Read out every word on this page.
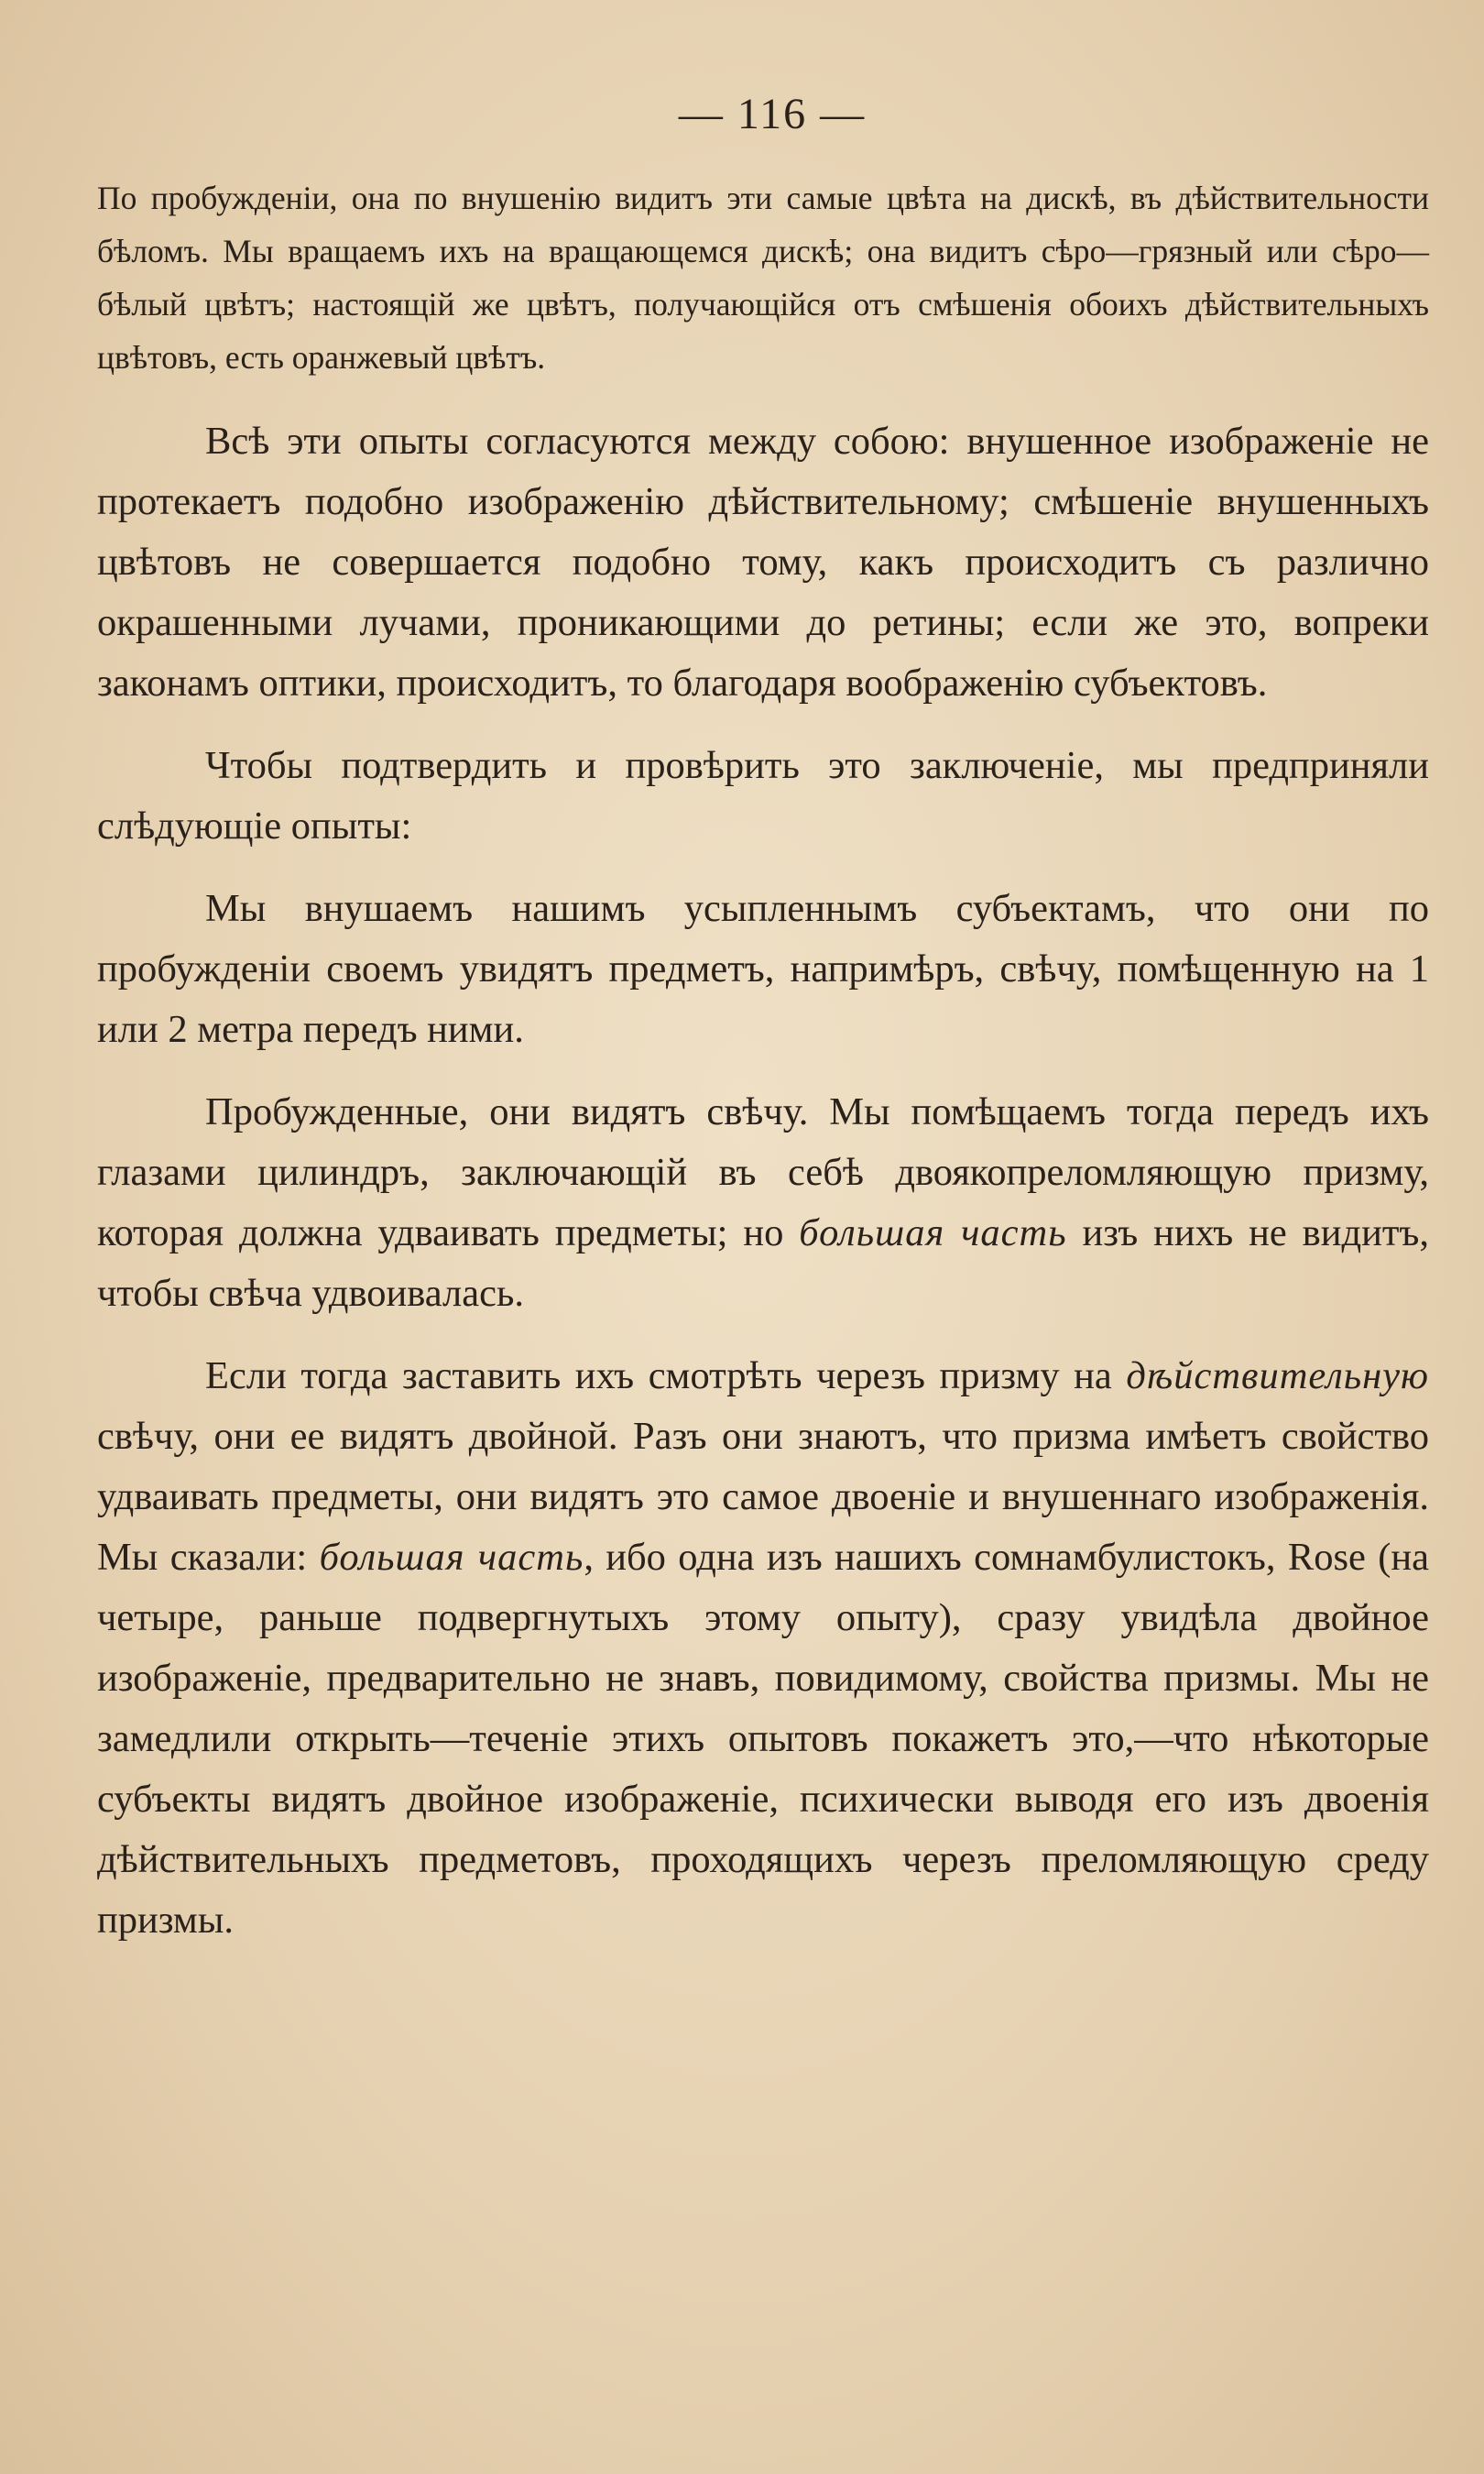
— 116 —

По пробужденіи, она по внушенію видитъ эти самые цвѣта на дискѣ, въ дѣйствительности бѣломъ. Мы вращаемъ ихъ на вращающемся дискѣ; она видитъ сѣро—грязный или сѣро—бѣлый цвѣтъ; настоящій же цвѣтъ, получающійся отъ смѣшенія обоихъ дѣйствительныхъ цвѣтовъ, есть оранжевый цвѣтъ.

Всѣ эти опыты согласуются между собою: внушенное изображеніе не протекаетъ подобно изображенію дѣйствительному; смѣшеніе внушенныхъ цвѣтовъ не совершается подобно тому, какъ происходитъ съ различно окрашенными лучами, проникающими до ретины; если же это, вопреки законамъ оптики, происходитъ, то благодаря воображенію субъектовъ.

Чтобы подтвердить и провѣрить это заключеніе, мы предприняли слѣдующіе опыты:

Мы внушаемъ нашимъ усыпленнымъ субъектамъ, что они по пробужденіи своемъ увидятъ предметъ, напримѣръ, свѣчу, помѣщенную на 1 или 2 метра передъ ними.

Пробужденные, они видятъ свѣчу. Мы помѣщаемъ тогда передъ ихъ глазами цилиндръ, заключающій въ себѣ двоякопреломляющую призму, которая должна удваивать предметы; но большая часть изъ нихъ не видитъ, чтобы свѣча удвоивалась.

Если тогда заставить ихъ смотрѣть черезъ призму на дѣйствительную свѣчу, они ее видятъ двойной. Разъ они знаютъ, что призма имѣетъ свойство удваивать предметы, они видятъ это самое двоеніе и внушеннаго изображенія. Мы сказали: большая часть, ибо одна изъ нашихъ сомнамбулистокъ, Rose (на четыре, раньше подвергнутыхъ этому опыту), сразу увидѣла двойное изображеніе, предварительно не знавъ, повидимому, свойства призмы. Мы не замедлили открыть—теченіе этихъ опытовъ покажетъ это,—что нѣкоторые субъекты видятъ двойное изображеніе, психически выводя его изъ двоенія дѣйствительныхъ предметовъ, проходящихъ черезъ преломляющую среду призмы.
